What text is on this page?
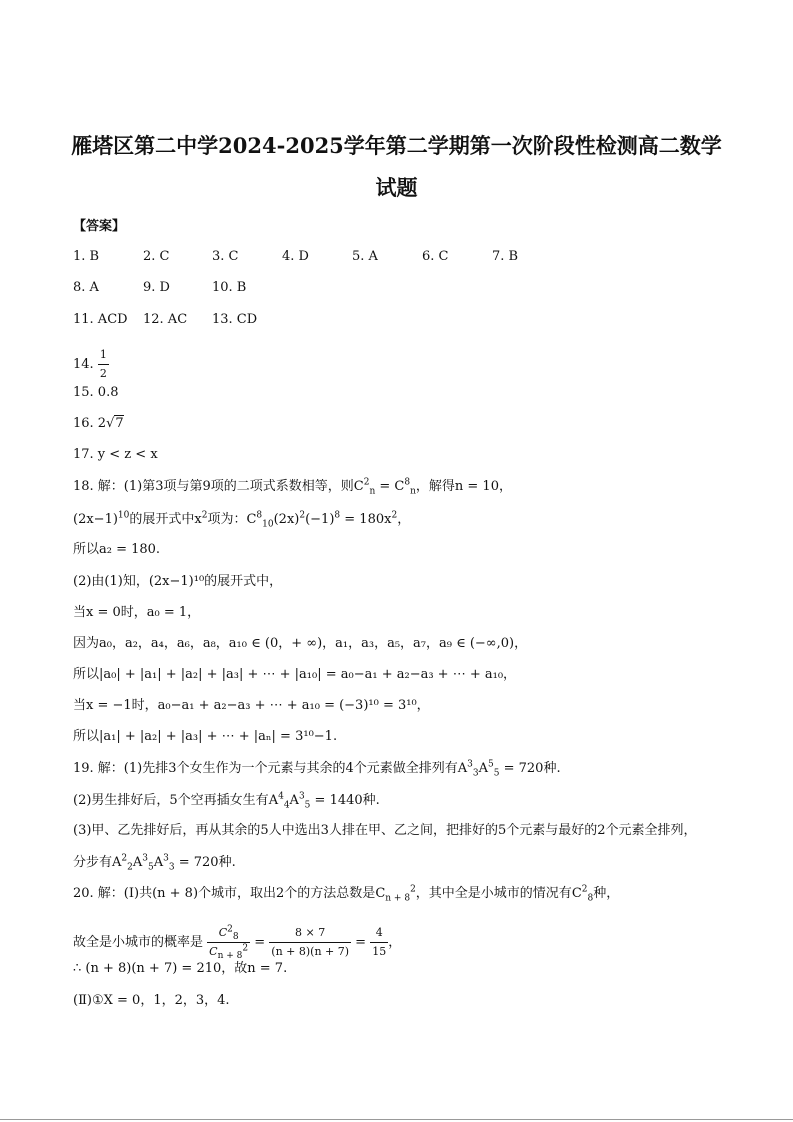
雁塔区第二中学2024-2025学年第二学期第一次阶段性检测高二数学
试题
【答案】
1. B	2. C	3. C	4. D	5. A	6. C	7. B
8. A	9. D	10. B
11. ACD 12. AC 13. CD
14. $\frac{1}{2}$
15. 0.8
16. 2√7
17. y < z < x
18. 解：(1)第3项与第9项的二项式系数相等，则$C^2_n = C^8_n$，解得n = 10，
$(2x-1)^{10}$的展开式中$x^2$项为：$C^8_{10}(2x)^2(-1)^8 = 180x^2$，
所以a₂ = 180.
(2)由(1)知，(2x−1)¹⁰的展开式中，
当x = 0时，a₀ = 1，
因为a₀，a₂，a₄，a₆，a₈，a₁₀ ∈ (0，+ ∞)，a₁，a₃，a₅，a₇，a₉ ∈ (−∞,0)，
所以|a₀| + |a₁| + |a₂| + |a₃| + ⋯ + |a₁₀| = a₀−a₁ + a₂−a₃ + ⋯ + a₁₀，
当x = −1时，a₀−a₁ + a₂−a₃ + ⋯ + a₁₀ = (−3)¹⁰ = 3¹⁰，
所以|a₁| + |a₂| + |a₃| + ⋯ + |aₙ| = 3¹⁰−1.
19. 解：(1)先排3个女生作为一个元素与其余的4个元素做全排列有$A^3_3A^5_5 = 720$种.
(2)男生排好后，5个空再插女生有$A^4_4A^3_5 = 1440$种.
(3)甲、乙先排好后，再从其余的5人中选出3人排在甲、乙之间，把排好的5个元素与最好的2个元素全排列，
分步有$A^2_2A^3_5A^3_3 = 720$种.
20. 解：(Ⅰ)共(n + 8)个城市，取出2个的方法总数是$C_{n + 8}^2$，其中全是小城市的情况有$C^2_8$种，
故全是小城市的概率是 $\frac{C^2_8}{C_{n + 8}^2} = \frac{8 \times 7}{(n + 8)(n + 7)} = \frac{4}{15}$ ，
∴ (n + 8)(n + 7) = 210，故n = 7.
(Ⅱ)①X = 0，1，2，3，4.
